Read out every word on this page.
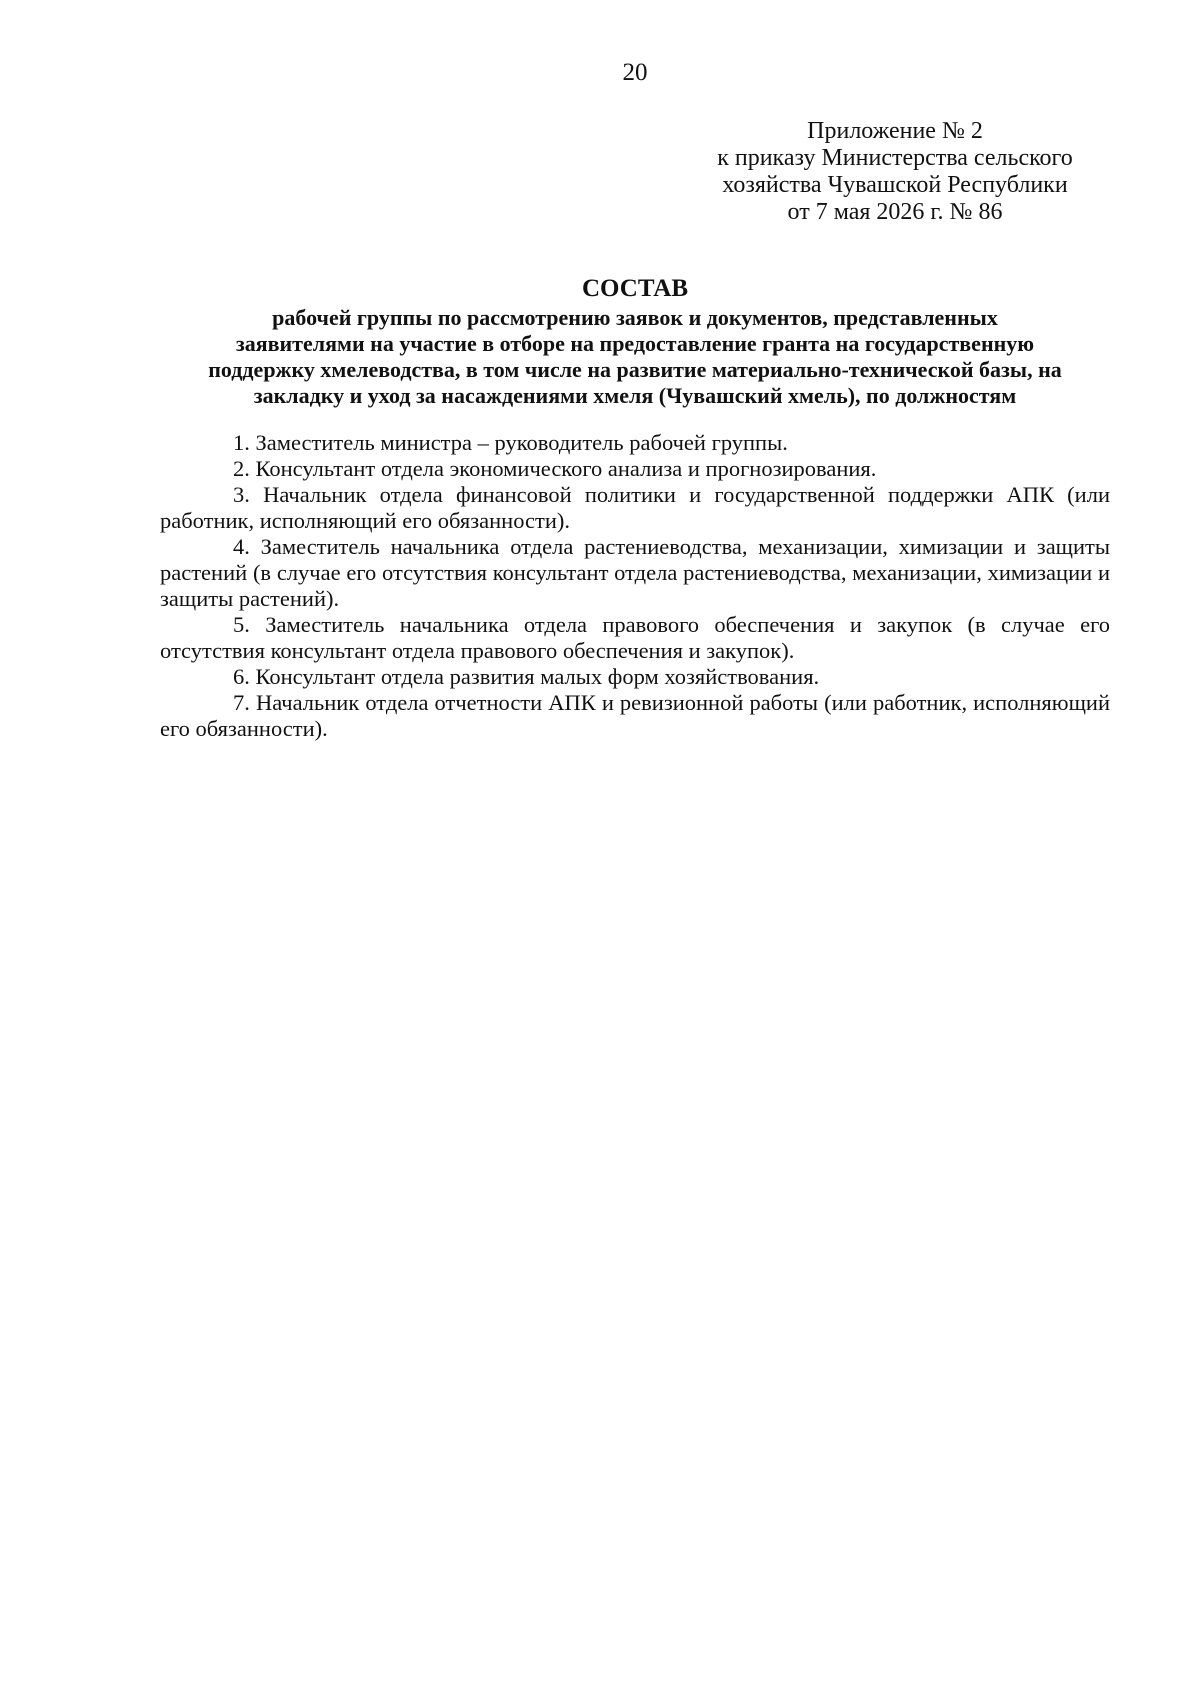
20
Приложение № 2
к приказу Министерства сельского
хозяйства Чувашской Республики
от 7 мая 2026 г. № 86
СОСТАВ
рабочей группы по рассмотрению заявок и документов, представленных
заявителями на участие в отборе на предоставление гранта на государственную
поддержку хмелеводства, в том числе на развитие материально-технической базы, на
закладку и уход за насаждениями хмеля (Чувашский хмель), по должностям
1. Заместитель министра – руководитель рабочей группы.
2. Консультант отдела экономического анализа и прогнозирования.
3. Начальник отдела финансовой политики и государственной поддержки АПК (или работник, исполняющий его обязанности).
4. Заместитель начальника отдела растениеводства, механизации, химизации и защиты растений (в случае его отсутствия консультант отдела растениеводства, механизации, химизации и защиты растений).
5. Заместитель начальника отдела правового обеспечения и закупок (в случае его отсутствия консультант отдела правового обеспечения и закупок).
6. Консультант отдела развития малых форм хозяйствования.
7. Начальник отдела отчетности АПК и ревизионной работы (или работник, исполняющий его обязанности).
